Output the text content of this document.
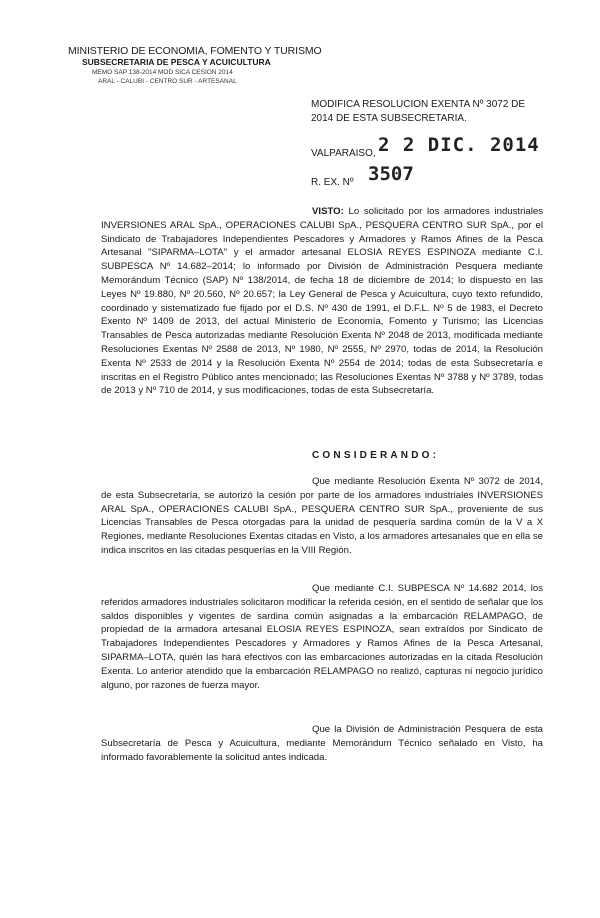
MINISTERIO DE ECONOMIA, FOMENTO Y TURISMO
SUBSECRETARIA DE PESCA Y ACUICULTURA
MEMO SAP 138-2014 MOD SICA CESION 2014
ARAL - CALUBI - CENTRO SUR - ARTESANAL
MODIFICA RESOLUCION EXENTA Nº 3072 DE 2014 DE ESTA SUBSECRETARIA.
VALPARAISO, 2 2 DIC. 2014
R. EX. Nº 3507
VISTO: Lo solicitado por los armadores industriales INVERSIONES ARAL SpA., OPERACIONES CALUBI SpA., PESQUERA CENTRO SUR SpA., por el Sindicato de Trabajadores Independientes Pescadores y Armadores y Ramos Afines de la Pesca Artesanal "SIPARMA–LOTA" y el armador artesanal ELOSIA REYES ESPINOZA mediante C.I. SUBPESCA Nº 14.682–2014; lo informado por División de Administración Pesquera mediante Memorándum Técnico (SAP) Nº 138/2014, de fecha 18 de diciembre de 2014; lo dispuesto en las Leyes Nº 19.880, Nº 20.560, Nº 20.657; la Ley General de Pesca y Acuicultura, cuyo texto refundido, coordinado y sistematizado fue fijado por el D.S. Nº 430 de 1991, el D.F.L. Nº 5 de 1983, el Decreto Exento Nº 1409 de 2013, del actual Ministerio de Economía, Fomento y Turismo; las Licencias Transables de Pesca autorizadas mediante Resolución Exenta Nº 2048 de 2013, modificada mediante Resoluciones Exentas Nº 2588 de 2013, Nº 1980, Nº 2555, Nº 2970, todas de 2014, la Resolución Exenta Nº 2533 de 2014 y la Resolución Exenta Nº 2554 de 2014; todas de esta Subsecretaría e inscritas en el Registro Público antes mencionado; las Resoluciones Exentas Nº 3788 y Nº 3789, todas de 2013 y Nº 710 de 2014, y sus modificaciones, todas de esta Subsecretaría.
CONSIDERANDO:
Que mediante Resolución Exenta Nº 3072 de 2014, de esta Subsecretaría, se autorizó la cesión por parte de los armadores industriales INVERSIONES ARAL SpA., OPERACIONES CALUBI SpA., PESQUERA CENTRO SUR SpA., proveniente de sus Licencias Transables de Pesca otorgadas para la unidad de pesquería sardina común de la V a X Regiones, mediante Resoluciones Exentas citadas en Visto, a los armadores artesanales que en ella se indica inscritos en las citadas pesquerías en la VIII Región.
Que mediante C.I. SUBPESCA Nº 14.682 2014, los referidos armadores industriales solicitaron modificar la referida cesión, en el sentido de señalar que los saldos disponibles y vigentes de sardina común asignadas a la embarcación RELAMPAGO, de propiedad de la armadora artesanal ELOSIA REYES ESPINOZA, sean extraídos por Sindicato de Trabajadores Independientes Pescadores y Armadores y Ramos Afines de la Pesca Artesanal, SIPARMA–LOTA, quién las hará efectivos con las embarcaciones autorizadas en la citada Resolución Exenta. Lo anterior atendido que la embarcación RELAMPAGO no realizó, capturas ni negocio jurídico alguno, por razones de fuerza mayor.
Que la División de Administración Pesquera de esta Subsecretaría de Pesca y Acuicultura, mediante Memorándum Técnico señalado en Visto, ha informado favorablemente la solicitud antes indicada.
